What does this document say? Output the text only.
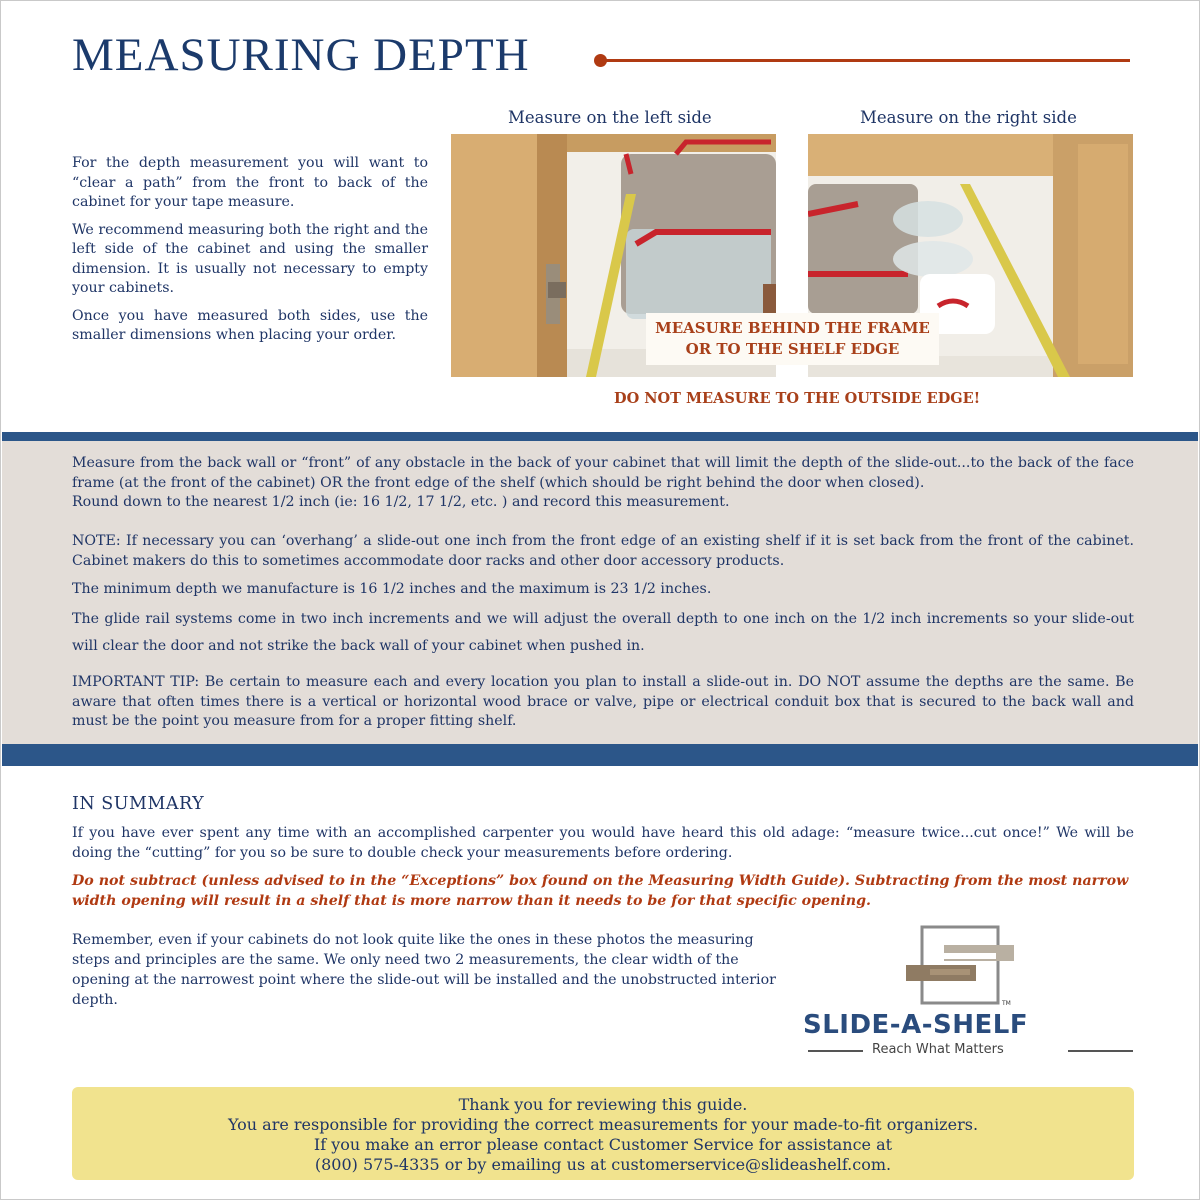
MEASURING DEPTH

For the depth measurement you will want to “clear a path” from the front to back of the cabinet for your tape measure.

We recommend measuring both the right and the left side of the cabinet and using the smaller dimension. It is usually not necessary to empty your cabinets.

Once you have measured both sides, use the smaller dimensions when placing your order.

Measure on the left side	Measure on the right side
MEASURE BEHIND THE FRAME
OR TO THE SHELF EDGE
DO NOT MEASURE TO THE OUTSIDE EDGE!
Measure from the back wall or “front” of any obstacle in the back of your cabinet that will limit the depth of the slide-out...to the back of the face frame (at the front of the cabinet) OR the front edge of the shelf (which should be right behind the door when closed).
Round down to the nearest 1/2 inch (ie: 16 1/2, 17 1/2, etc. ) and record this measurement.
NOTE: If necessary you can ‘overhang’ a slide-out one inch from the front edge of an existing shelf if it is set back from the front of the cabinet. Cabinet makers do this to sometimes accommodate door racks and other door accessory products.
The minimum depth we manufacture is 16 1/2 inches and the maximum is 23 1/2 inches.
The glide rail systems come in two inch increments and we will adjust the overall depth to one inch on the 1/2 inch increments so your slide-out will clear the door and not strike the back wall of your cabinet when pushed in.
IMPORTANT TIP: Be certain to measure each and every location you plan to install a slide-out in. DO NOT assume the depths are the same. Be aware that often times there is a vertical or horizontal wood brace or valve, pipe or electrical conduit box that is secured to the back wall and must be the point you measure from for a proper fitting shelf.
IN SUMMARY
If you have ever spent any time with an accomplished carpenter you would have heard this old adage: “measure twice...cut once!” We will be doing the “cutting” for you so be sure to double check your measurements before ordering.
Do not subtract (unless advised to in the “Exceptions” box found on the Measuring Width Guide). Subtracting from the most narrow width opening will result in a shelf that is more narrow than it needs to be for that specific opening.
Remember, even if your cabinets do not look quite like the ones in these photos the measuring steps and principles are the same. We only need two 2 measurements, the clear width of the opening at the narrowest point where the slide-out will be installed and the unobstructed interior depth.	TM
SLIDE-A-SHELF
Reach What Matters
Thank you for reviewing this guide.
You are responsible for providing the correct measurements for your made-to-fit organizers.
If you make an error please contact Customer Service for assistance at
(800) 575-4335 or by emailing us at customerservice@slideashelf.com.
